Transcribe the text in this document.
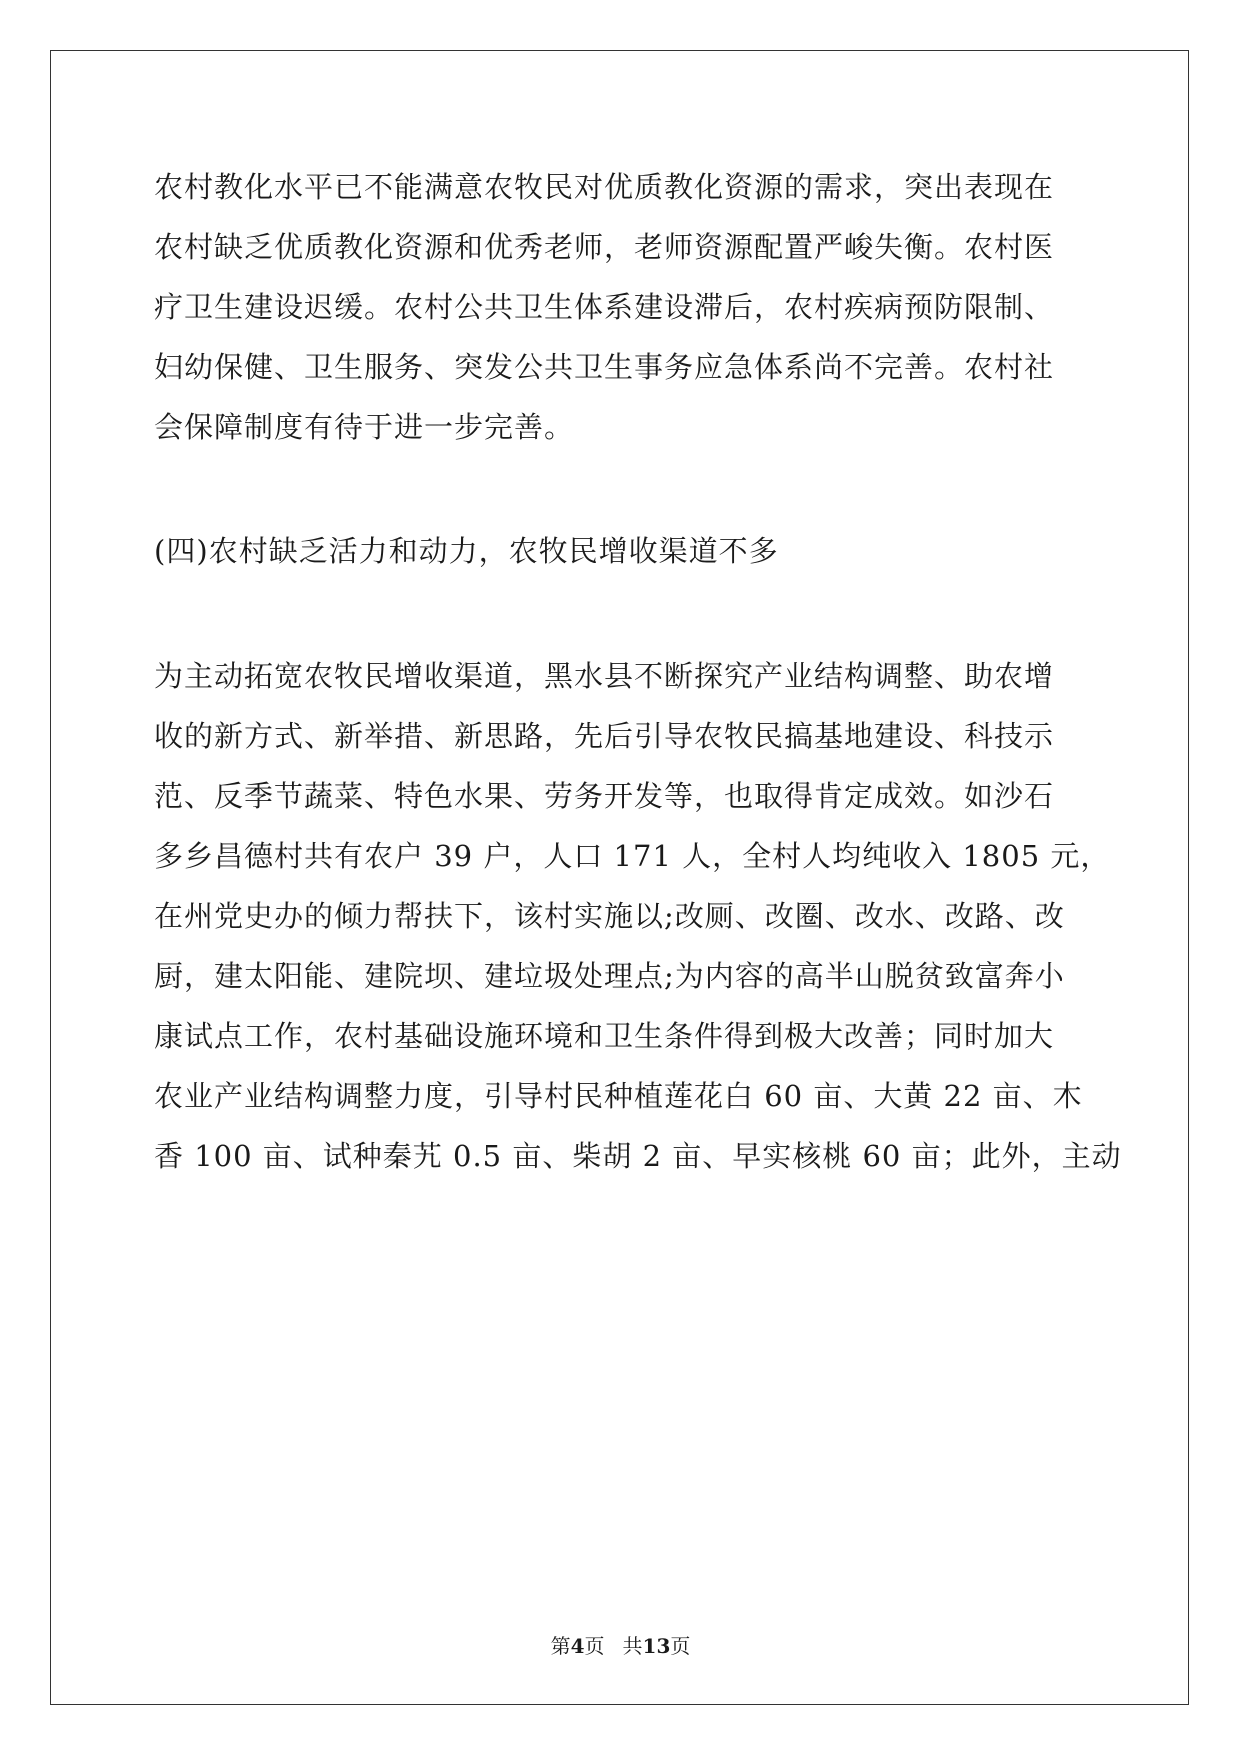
农村教化水平已不能满意农牧民对优质教化资源的需求，突出表现在
农村缺乏优质教化资源和优秀老师，老师资源配置严峻失衡。农村医
疗卫生建设迟缓。农村公共卫生体系建设滞后，农村疾病预防限制、
妇幼保健、卫生服务、突发公共卫生事务应急体系尚不完善。农村社
会保障制度有待于进一步完善。
(四)农村缺乏活力和动力，农牧民增收渠道不多
为主动拓宽农牧民增收渠道，黑水县不断探究产业结构调整、助农增
收的新方式、新举措、新思路，先后引导农牧民搞基地建设、科技示
范、反季节蔬菜、特色水果、劳务开发等，也取得肯定成效。如沙石
多乡昌德村共有农户 39 户，人口 171 人，全村人均纯收入 1805 元，
在州党史办的倾力帮扶下，该村实施以;改厕、改圈、改水、改路、改
厨，建太阳能、建院坝、建垃圾处理点;为内容的高半山脱贫致富奔小
康试点工作，农村基础设施环境和卫生条件得到极大改善；同时加大
农业产业结构调整力度，引导村民种植莲花白 60 亩、大黄 22 亩、木
香 100 亩、试种秦艽 0.5 亩、柴胡 2 亩、早实核桃 60 亩；此外，主动
第4页 共13页
